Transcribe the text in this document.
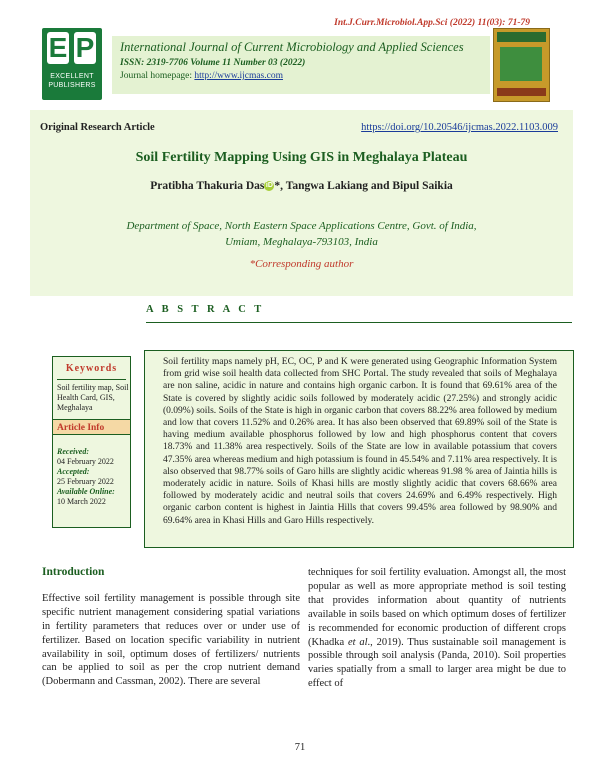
Int.J.Curr.Microbiol.App.Sci (2022) 11(03): 71-79
E P
EXCELLENT
PUBLISHERS
International Journal of Current Microbiology and Applied Sciences
ISSN: 2319-7706 Volume 11 Number 03 (2022)
Journal homepage: http://www.ijcmas.com
Original Research Article	https://doi.org/10.20546/ijcmas.2022.1103.009
Soil Fertility Mapping Using GIS in Meghalaya Plateau
Pratibha Thakuria Das iD *, Tangwa Lakiang and Bipul Saikia
Department of Space, North Eastern Space Applications Centre, Govt. of India,
Umiam, Meghalaya-793103, India
*Corresponding author
A B S T R A C T
Keywords
Soil fertility map, Soil Health Card, GIS, Meghalaya
Article Info
Received:
04 February 2022
Accepted:
25 February 2022
Available Online:
10 March 2022
Soil fertility maps namely pH, EC, OC, P and K were generated using Geographic Information System from grid wise soil health data collected from SHC Portal. The study revealed that soils of Meghalaya are non saline, acidic in nature and contains high organic carbon. It is found that 69.61% area of the State is covered by slightly acidic soils followed by moderately acidic (27.25%) and strongly acidic (0.09%) soils. Soils of the State is high in organic carbon that covers 88.22% area followed by medium and low that covers 11.52% and 0.26% area. It has also been observed that 69.89% soil of the State is having medium available phosphorus followed by low and high phosphorus content that covers 18.73% and 11.38% area respectively. Soils of the State are low in available potassium that covers 47.35% area whereas medium and high potassium is found in 45.54% and 7.11% area respectively. It is also observed that 98.77% soils of Garo hills are slightly acidic whereas 91.98 % area of Jaintia hills is moderately acidic in nature. Soils of Khasi hills are mostly slightly acidic that covers 68.66% area followed by moderately acidic and neutral soils that covers 24.69% and 6.49% respectively. High organic carbon content is highest in Jaintia Hills that covers 99.45% area followed by 98.90% and 69.64% area in Khasi Hills and Garo Hills respectively.
Introduction

Effective soil fertility management is possible through site specific nutrient management considering spatial variations in fertility parameters that reduces over or under use of fertilizer. Based on location specific variability in nutrient availability in soil, optimum doses of fertilizers/ nutrients can be applied to soil as per the crop nutrient demand (Dobermann and Cassman, 2002). There are several

techniques for soil fertility evaluation. Amongst all, the most popular as well as more appropriate method is soil testing that provides information about quantity of nutrients available in soils based on which optimum doses of fertilizer is recommended for economic production of different crops (Khadka et al., 2019). Thus sustainable soil management is possible through soil analysis (Panda, 2010). Soil properties varies spatially from a small to larger area might be due to effect of

71
